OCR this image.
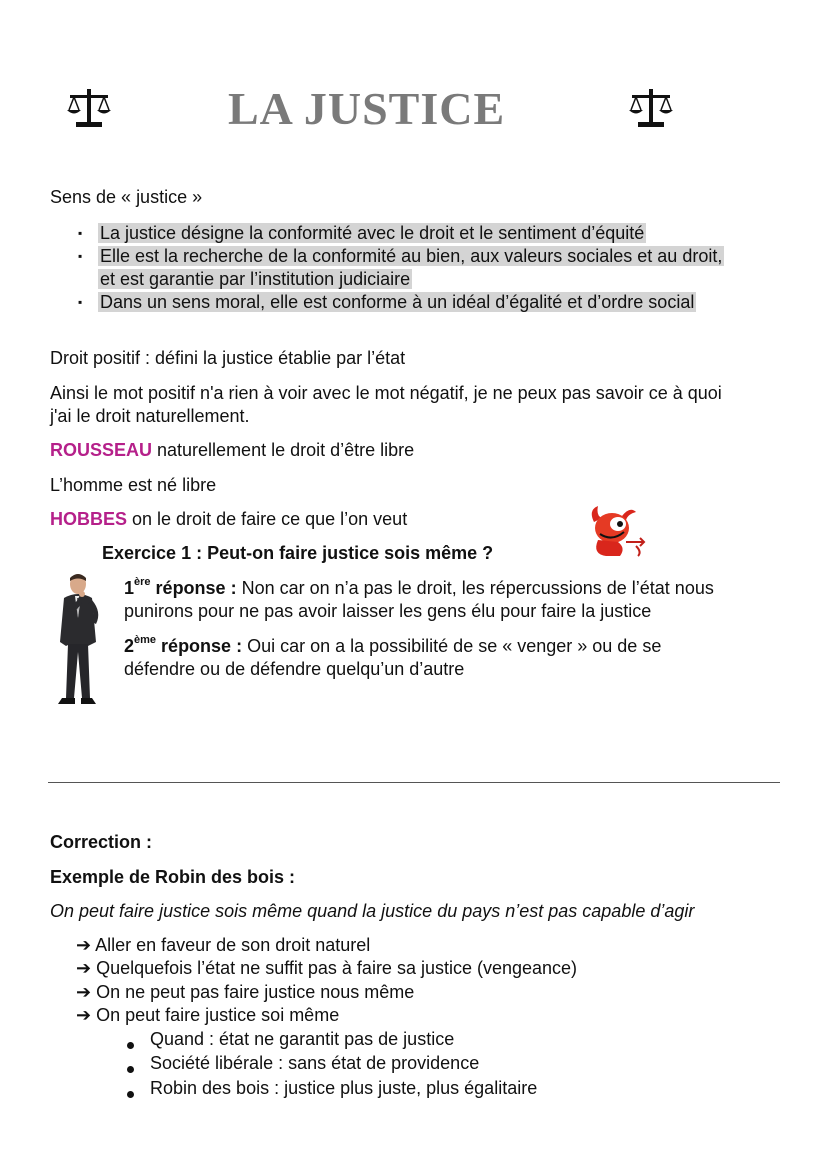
LA JUSTICE
Sens de « justice »
▪ La justice désigne la conformité avec le droit et le sentiment d’équité
▪ Elle est la recherche de la conformité au bien, aux valeurs sociales et au droit,
et est garantie par l’institution judiciaire
▪ Dans un sens moral, elle est conforme à un idéal d’égalité et d’ordre social
Droit positif : défini la justice établie par l’état
Ainsi le mot positif n'a rien à voir avec le mot négatif, je ne peux pas savoir ce à quoi
j'ai le droit naturellement.
ROUSSEAU naturellement le droit d’être libre
L’homme est né libre
HOBBES on le droit de faire ce que l’on veut
Exercice 1 : Peut-on faire justice sois même ?
1ère réponse : Non car on n’a pas le droit, les répercussions de l’état nous
punirons pour ne pas avoir laisser les gens élu pour faire la justice
2ème réponse : Oui car on a la possibilité de se « venger » ou de se
défendre ou de défendre quelqu’un d’autre
Correction :
Exemple de Robin des bois :
On peut faire justice sois même quand la justice du pays n’est pas capable d’agir
➔ Aller en faveur de son droit naturel
➔ Quelquefois l’état ne suffit pas à faire sa justice (vengeance)
➔ On ne peut pas faire justice nous même
➔ On peut faire justice soi même
Quand : état ne garantit pas de justice
Société libérale : sans état de providence
Robin des bois : justice plus juste, plus égalitaire
